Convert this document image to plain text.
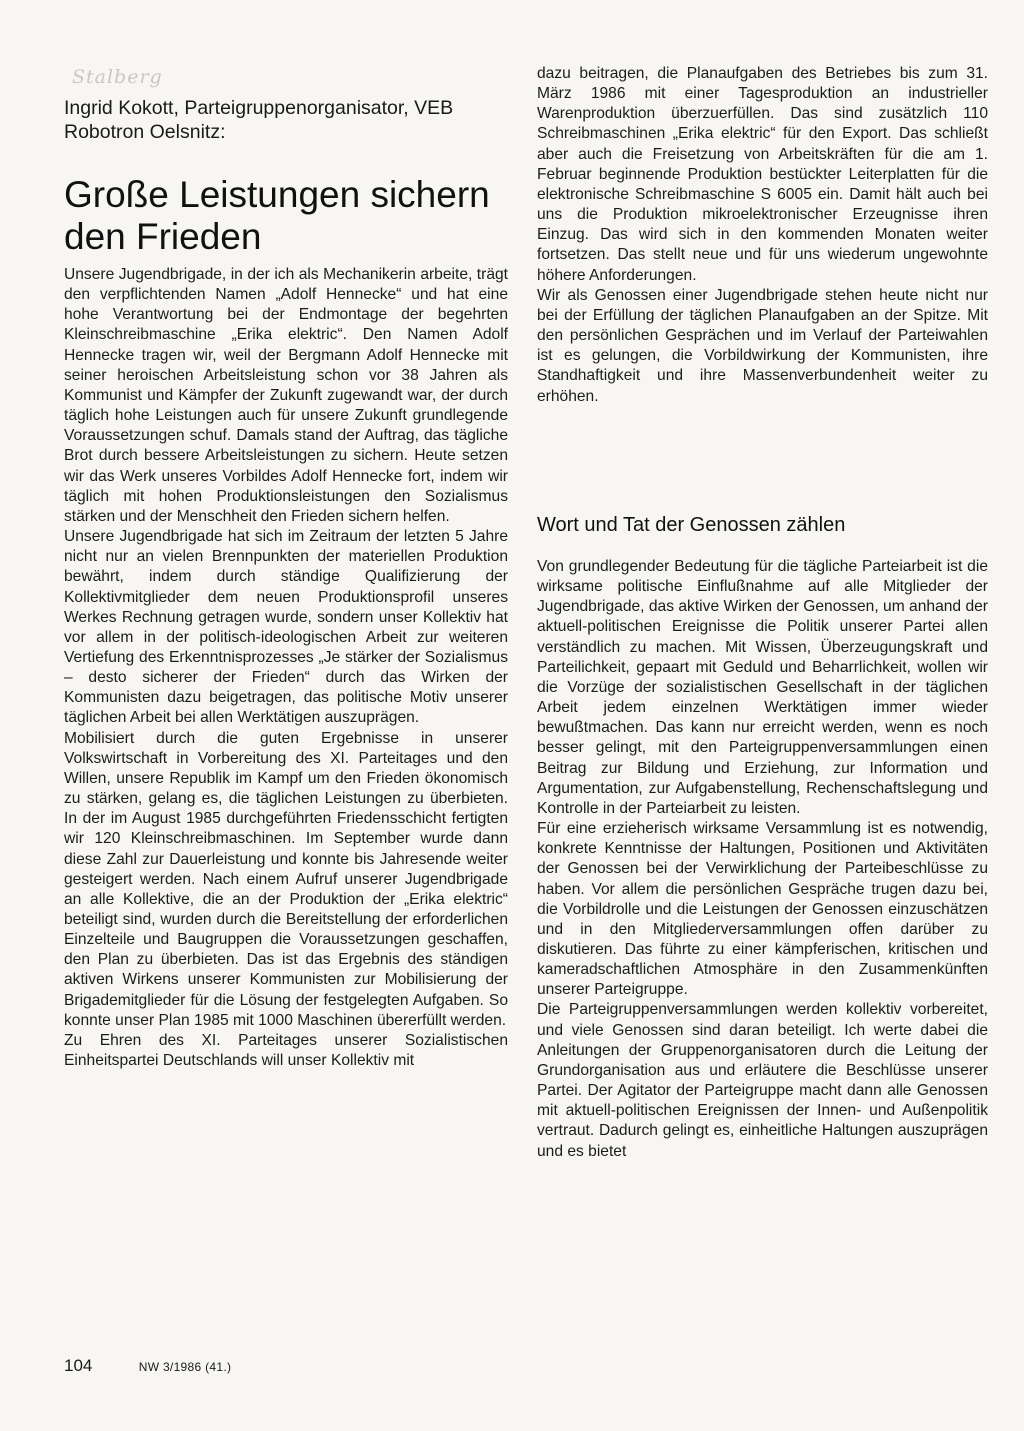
Stalberg
Ingrid Kokott, Parteigruppenorganisator, VEB Robotron Oelsnitz:
Große Leistungen sichern den Frieden

Unsere Jugendbrigade, in der ich als Mechanikerin arbeite, trägt den verpflichtenden Namen „Adolf Hennecke“ und hat eine hohe Verantwortung bei der Endmontage der begehrten Kleinschreibmaschine „Erika elektric“. Den Namen Adolf Hennecke tragen wir, weil der Bergmann Adolf Hennecke mit seiner heroischen Arbeitsleistung schon vor 38 Jahren als Kommunist und Kämpfer der Zukunft zugewandt war, der durch täglich hohe Leistungen auch für unsere Zukunft grundlegende Voraussetzungen schuf. Damals stand der Auftrag, das tägliche Brot durch bessere Arbeitsleistungen zu sichern. Heute setzen wir das Werk unseres Vorbildes Adolf Hennecke fort, indem wir täglich mit hohen Produktionsleistungen den Sozialismus stärken und der Menschheit den Frieden sichern helfen.

Unsere Jugendbrigade hat sich im Zeitraum der letzten 5 Jahre nicht nur an vielen Brennpunkten der materiellen Produktion bewährt, indem durch ständige Qualifizierung der Kollektivmitglieder dem neuen Produktionsprofil unseres Werkes Rechnung getragen wurde, sondern unser Kollektiv hat vor allem in der politisch-ideologischen Arbeit zur weiteren Vertiefung des Erkenntnisprozesses „Je stärker der Sozialismus – desto sicherer der Frieden“ durch das Wirken der Kommunisten dazu beigetragen, das politische Motiv unserer täglichen Arbeit bei allen Werktätigen auszuprägen.

Mobilisiert durch die guten Ergebnisse in unserer Volkswirtschaft in Vorbereitung des XI. Parteitages und den Willen, unsere Republik im Kampf um den Frieden ökonomisch zu stärken, gelang es, die täglichen Leistungen zu überbieten. In der im August 1985 durchgeführten Friedensschicht fertigten wir 120 Kleinschreibmaschinen. Im September wurde dann diese Zahl zur Dauerleistung und konnte bis Jahresende weiter gesteigert werden. Nach einem Aufruf unserer Jugendbrigade an alle Kollektive, die an der Produktion der „Erika elektric“ beteiligt sind, wurden durch die Bereitstellung der erforderlichen Einzelteile und Baugruppen die Voraussetzungen geschaffen, den Plan zu überbieten. Das ist das Ergebnis des ständigen aktiven Wirkens unserer Kommunisten zur Mobilisierung der Brigademitglieder für die Lösung der festgelegten Aufgaben. So konnte unser Plan 1985 mit 1000 Maschinen übererfüllt werden.

Zu Ehren des XI. Parteitages unserer Sozialistischen Einheitspartei Deutschlands will unser Kollektiv mit

dazu beitragen, die Planaufgaben des Betriebes bis zum 31. März 1986 mit einer Tagesproduktion an industrieller Warenproduktion überzuerfüllen. Das sind zusätzlich 110 Schreibmaschinen „Erika elektric“ für den Export. Das schließt aber auch die Freisetzung von Arbeitskräften für die am 1. Februar beginnende Produktion bestückter Leiterplatten für die elektronische Schreibmaschine S 6005 ein. Damit hält auch bei uns die Produktion mikroelektronischer Erzeugnisse ihren Einzug. Das wird sich in den kommenden Monaten weiter fortsetzen. Das stellt neue und für uns wiederum ungewohnte höhere Anforderungen.

Wir als Genossen einer Jugendbrigade stehen heute nicht nur bei der Erfüllung der täglichen Planaufgaben an der Spitze. Mit den persönlichen Gesprächen und im Verlauf der Parteiwahlen ist es gelungen, die Vorbildwirkung der Kommunisten, ihre Standhaftigkeit und ihre Massenverbundenheit weiter zu erhöhen.

Wort und Tat der Genossen zählen

Von grundlegender Bedeutung für die tägliche Parteiarbeit ist die wirksame politische Einflußnahme auf alle Mitglieder der Jugendbrigade, das aktive Wirken der Genossen, um anhand der aktuell-politischen Ereignisse die Politik unserer Partei allen verständlich zu machen. Mit Wissen, Überzeugungskraft und Parteilichkeit, gepaart mit Geduld und Beharrlichkeit, wollen wir die Vorzüge der sozialistischen Gesellschaft in der täglichen Arbeit jedem einzelnen Werktätigen immer wieder bewußtmachen. Das kann nur erreicht werden, wenn es noch besser gelingt, mit den Parteigruppenversammlungen einen Beitrag zur Bildung und Erziehung, zur Information und Argumentation, zur Aufgabenstellung, Rechenschaftslegung und Kontrolle in der Parteiarbeit zu leisten.

Für eine erzieherisch wirksame Versammlung ist es notwendig, konkrete Kenntnisse der Haltungen, Positionen und Aktivitäten der Genossen bei der Verwirklichung der Parteibeschlüsse zu haben. Vor allem die persönlichen Gespräche trugen dazu bei, die Vorbildrolle und die Leistungen der Genossen einzuschätzen und in den Mitgliederversammlungen offen darüber zu diskutieren. Das führte zu einer kämpferischen, kritischen und kameradschaftlichen Atmosphäre in den Zusammenkünften unserer Parteigruppe.

Die Parteigruppenversammlungen werden kollektiv vorbereitet, und viele Genossen sind daran beteiligt. Ich werte dabei die Anleitungen der Gruppenorganisatoren durch die Leitung der Grundorganisation aus und erläutere die Beschlüsse unserer Partei. Der Agitator der Parteigruppe macht dann alle Genossen mit aktuell-politischen Ereignissen der Innen- und Außenpolitik vertraut. Dadurch gelingt es, einheitliche Haltungen auszuprägen und es bietet

104	NW 3/1986 (41.)
